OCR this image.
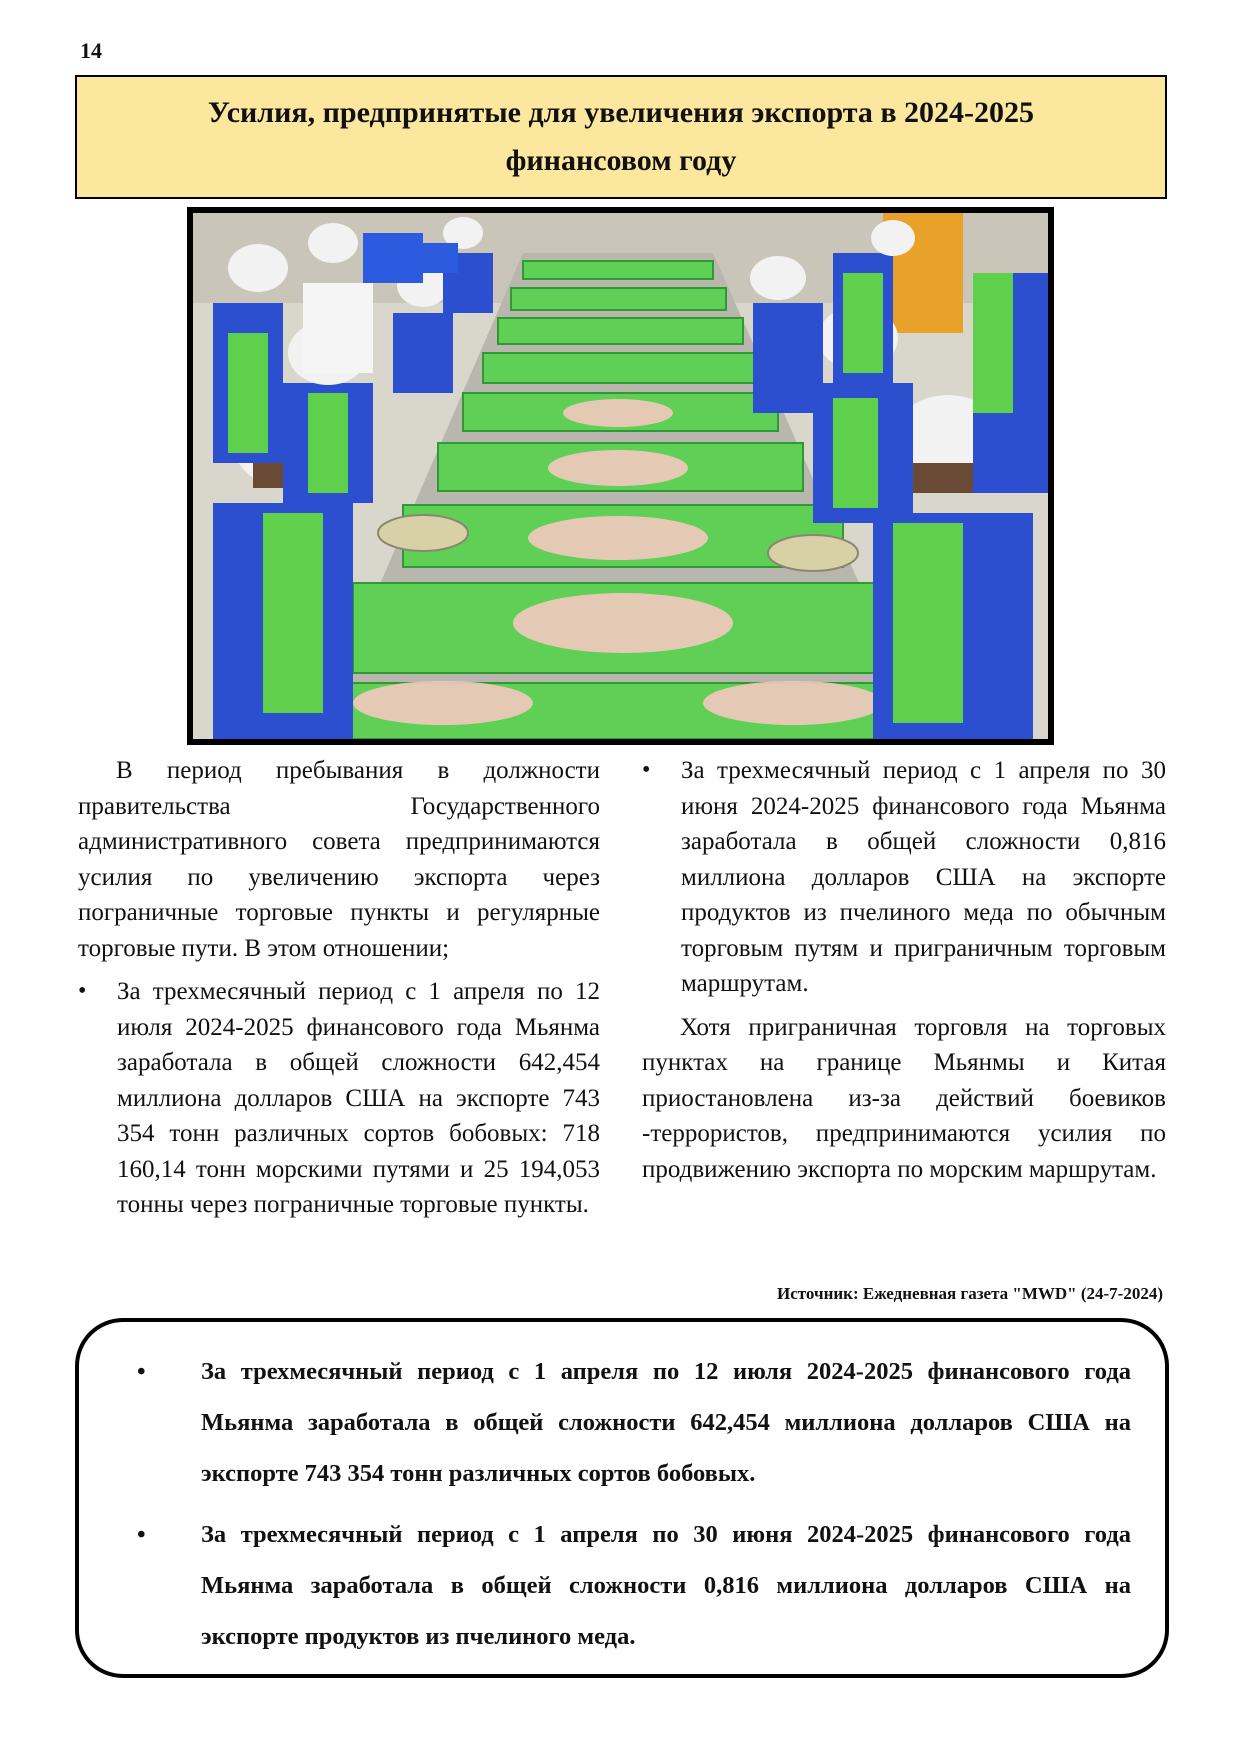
14
Усилия, предпринятые для увеличения экспорта в 2024-2025 финансовом году

В период пребывания в должности правительства Государственного административного совета предпринимаются усилия по увеличению экспорта через пограничные торговые пункты и регулярные торговые пути. В этом отношении;

• За трехмесячный период с 1 апреля по 12 июля 2024-2025 финансового года Мьянма заработала в общей сложности 642,454 миллиона долларов США на экспорте 743 354 тонн различных сортов бобовых: 718 160,14 тонн морскими путями и 25 194,053 тонны через пограничные торговые пункты.
• За трехмесячный период с 1 апреля по 30 июня 2024-2025 финансового года Мьянма заработала в общей сложности 0,816 миллиона долларов США на экспорте продуктов из пчелиного меда по обычным торговым путям и приграничным торговым маршрутам.

Хотя приграничная торговля на торговых пунктах на границе Мьянмы и Китая приостановлена из-за действий боевиков -террористов, предпринимаются усилия по продвижению экспорта по морским маршрутам.

Источник: Ежедневная газета "MWD" (24-7-2024)
• За трехмесячный период с 1 апреля по 12 июля 2024-2025 финансового года Мьянма заработала в общей сложности 642,454 миллиона долларов США на экспорте 743 354 тонн различных сортов бобовых.
• За трехмесячный период с 1 апреля по 30 июня 2024-2025 финансового года Мьянма заработала в общей сложности 0,816 миллиона долларов США на экспорте продуктов из пчелиного меда.
